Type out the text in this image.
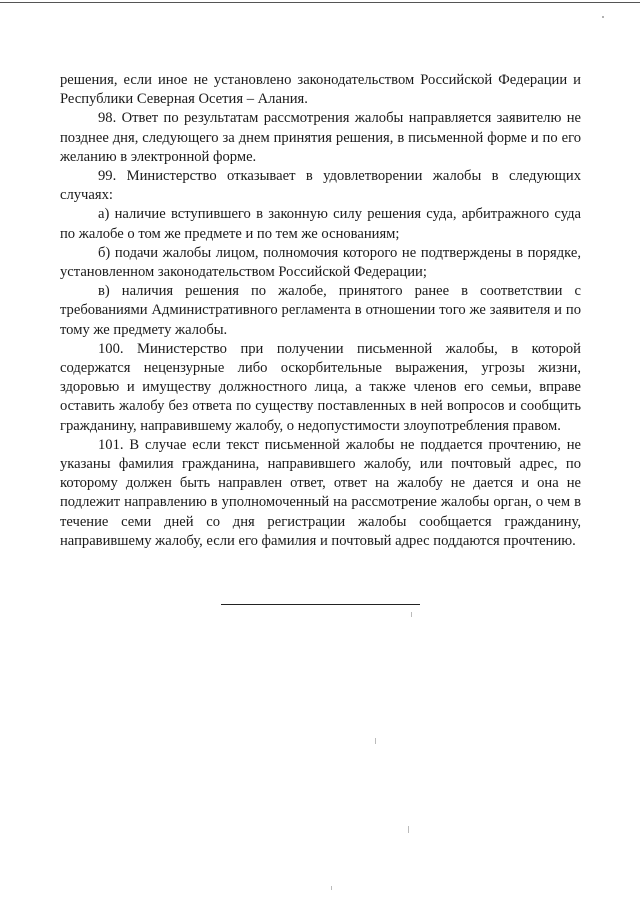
решения, если иное не установлено законодательством Российской Федерации и Республики Северная Осетия – Алания.

98. Ответ по результатам рассмотрения жалобы направляется заявителю не позднее дня, следующего за днем принятия решения, в письменной форме и по его желанию в электронной форме.

99. Министерство отказывает в удовлетворении жалобы в следующих случаях:

а) наличие вступившего в законную силу решения суда, арбитражного суда по жалобе о том же предмете и по тем же основаниям;

б) подачи жалобы лицом, полномочия которого не подтверждены в порядке, установленном законодательством Российской Федерации;

в) наличия решения по жалобе, принятого ранее в соответствии с требованиями Административного регламента в отношении того же заявителя и по тому же предмету жалобы.

100. Министерство при получении письменной жалобы, в которой содержатся нецензурные либо оскорбительные выражения, угрозы жизни, здоровью и имуществу должностного лица, а также членов его семьи, вправе оставить жалобу без ответа по существу поставленных в ней вопросов и сообщить гражданину, направившему жалобу, о недопустимости злоупотребления правом.

101. В случае если текст письменной жалобы не поддается прочтению, не указаны фамилия гражданина, направившего жалобу, или почтовый адрес, по которому должен быть направлен ответ, ответ на жалобу не дается и она не подлежит направлению в уполномоченный на рассмотрение жалобы орган, о чем в течение семи дней со дня регистрации жалобы сообщается гражданину, направившему жалобу, если его фамилия и почтовый адрес поддаются прочтению.
